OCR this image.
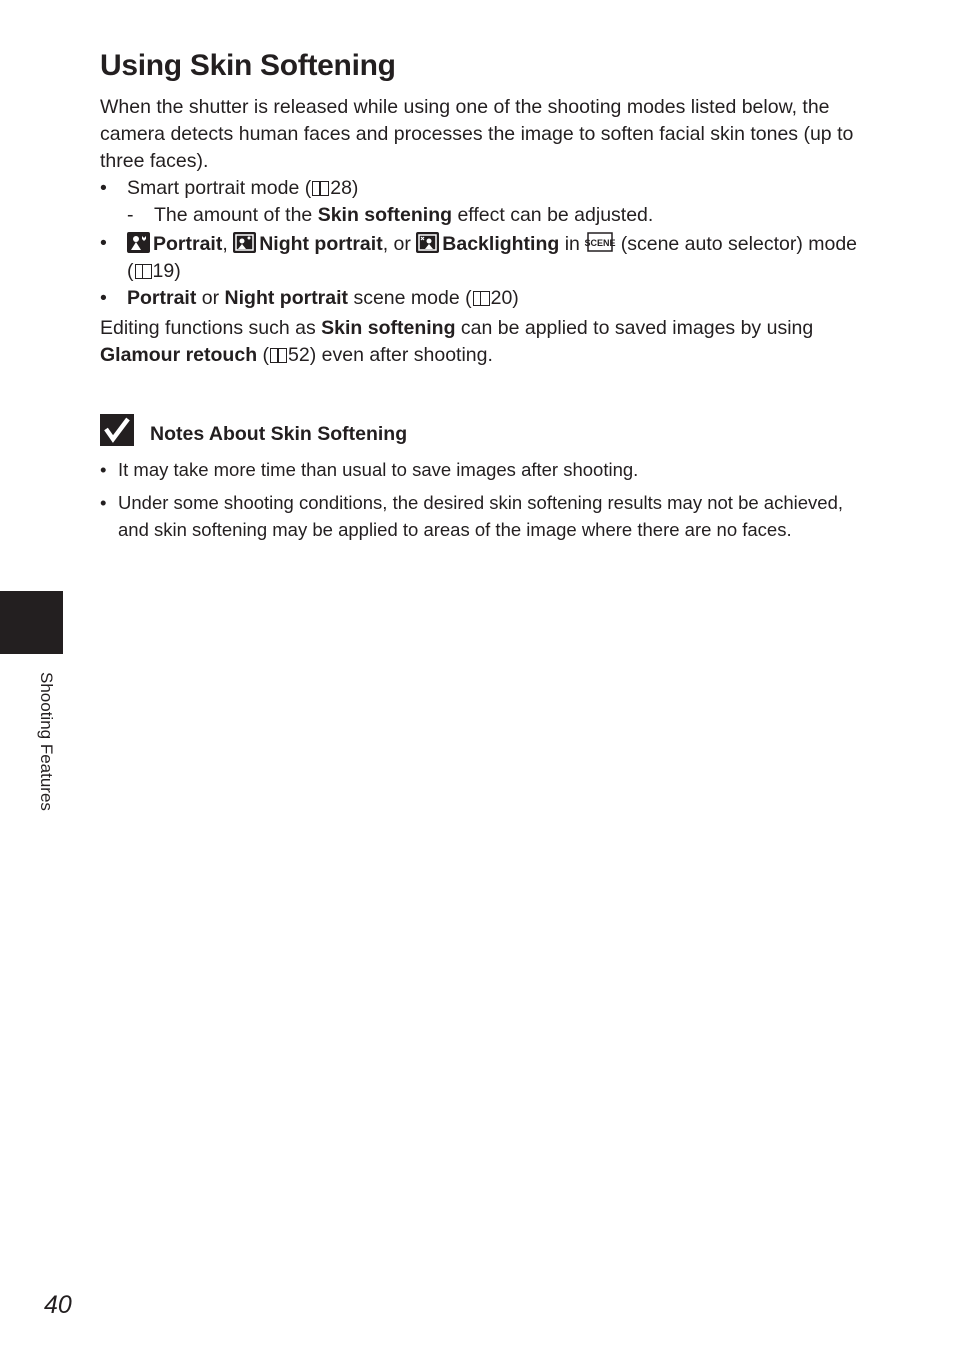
Using Skin Softening

When the shutter is released while using one of the shooting modes listed below, the camera detects human faces and processes the image to soften facial skin tones (up to three faces).

• Smart portrait mode ( 28)
- The amount of the Skin softening effect can be adjusted.
• Portrait,
Night portrait, or
Backlighting in SCENE (scene auto selector) mode ( 19)
• Portrait or Night portrait scene mode ( 20)

Editing functions such as Skin softening can be applied to saved images by using Glamour retouch ( 52) even after shooting.

Notes About Skin Softening
• It may take more time than usual to save images after shooting.
• Under some shooting conditions, the desired skin softening results may not be achieved, and skin softening may be applied to areas of the image where there are no faces.
Shooting Features
40
